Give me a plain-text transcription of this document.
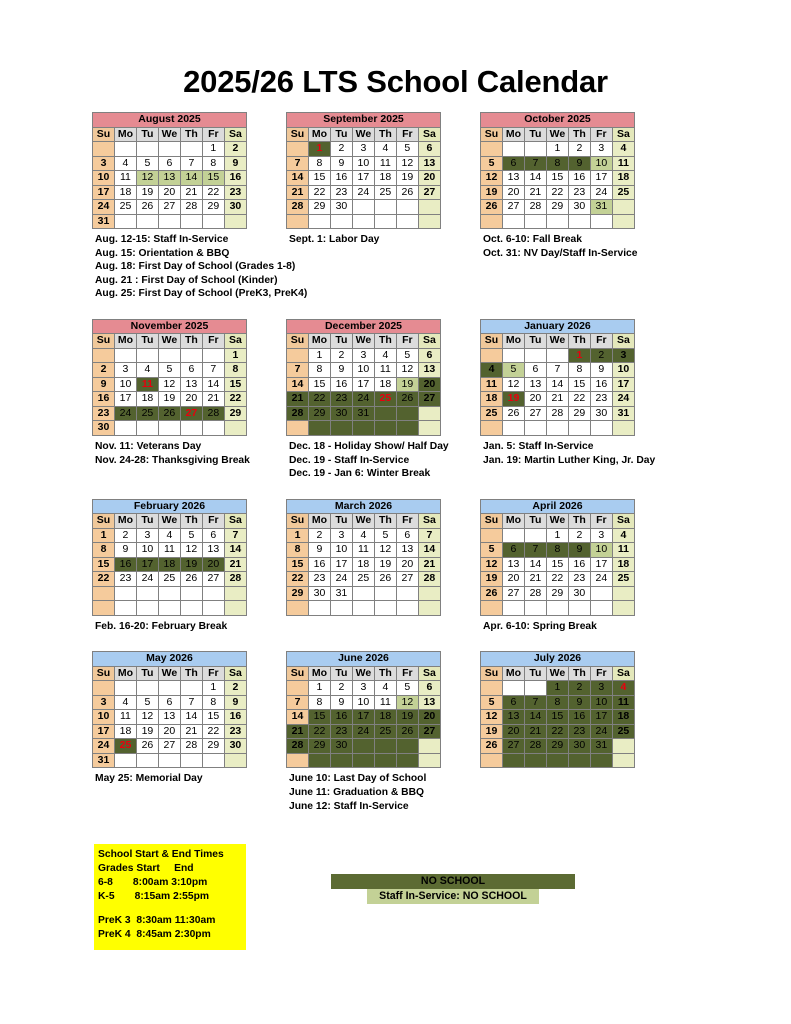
2025/26 LTS School Calendar
August 2025						
Su	Mo	Tu	We	Th	Fr	Sa
					1	2
3	4	5	6	7	8	9
10	11	12	13	14	15	16
17	18	19	20	21	22	23
24	25	26	27	28	29	30
31						
September 2025						
Su	Mo	Tu	We	Th	Fr	Sa
	1	2	3	4	5	6
7	8	9	10	11	12	13
14	15	16	17	18	19	20
21	22	23	24	25	26	27
28	29	30				

October 2025						
Su	Mo	Tu	We	Th	Fr	Sa
			1	2	3	4
5	6	7	8	9	10	11
12	13	14	15	16	17	18
19	20	21	22	23	24	25
26	27	28	29	30	31	

Aug. 12-15: Staff In-Service
Aug. 15: Orientation & BBQ
Aug. 18: First Day of School (Grades 1-8)
Aug. 21 : First Day of School (Kinder)
Aug. 25: First Day of School (PreK3, PreK4)
Sept. 1: Labor Day	Oct. 6-10: Fall Break
Oct. 31: NV Day/Staff In-Service
November 2025						
Su	Mo	Tu	We	Th	Fr	Sa
						1
2	3	4	5	6	7	8
9	10	11	12	13	14	15
16	17	18	19	20	21	22
23	24	25	26	27	28	29
30						
December 2025						
Su	Mo	Tu	We	Th	Fr	Sa
	1	2	3	4	5	6
7	8	9	10	11	12	13
14	15	16	17	18	19	20
21	22	23	24	25	26	27
28	29	30	31			

January 2026						
Su	Mo	Tu	We	Th	Fr	Sa
				1	2	3
4	5	6	7	8	9	10
11	12	13	14	15	16	17
18	19	20	21	22	23	24
25	26	27	28	29	30	31

Nov. 11: Veterans Day
Nov. 24-28: Thanksgiving Break
Dec. 18 - Holiday Show/ Half Day
Dec. 19 - Staff In-Service
Dec. 19 - Jan 6: Winter Break
Jan. 5: Staff In-Service
Jan. 19: Martin Luther King, Jr. Day
February 2026						
Su	Mo	Tu	We	Th	Fr	Sa
1	2	3	4	5	6	7
8	9	10	11	12	13	14
15	16	17	18	19	20	21
22	23	24	25	26	27	28

March 2026						
Su	Mo	Tu	We	Th	Fr	Sa
1	2	3	4	5	6	7
8	9	10	11	12	13	14
15	16	17	18	19	20	21
22	23	24	25	26	27	28
29	30	31				

April 2026						
Su	Mo	Tu	We	Th	Fr	Sa
			1	2	3	4
5	6	7	8	9	10	11
12	13	14	15	16	17	18
19	20	21	22	23	24	25
26	27	28	29	30		

Feb. 16-20: February Break	Apr. 6-10: Spring Break
May 2026						
Su	Mo	Tu	We	Th	Fr	Sa
					1	2
3	4	5	6	7	8	9
10	11	12	13	14	15	16
17	18	19	20	21	22	23
24	25	26	27	28	29	30
31						
June 2026						
Su	Mo	Tu	We	Th	Fr	Sa
	1	2	3	4	5	6
7	8	9	10	11	12	13
14	15	16	17	18	19	20
21	22	23	24	25	26	27
28	29	30				

July 2026						
Su	Mo	Tu	We	Th	Fr	Sa
			1	2	3	4
5	6	7	8	9	10	11
12	13	14	15	16	17	18
19	20	21	22	23	24	25
26	27	28	29	30	31	

May 25: Memorial Day	June 10: Last Day of School
June 11: Graduation & BBQ
June 12: Staff In-Service
School Start & End Times
Grades Start     End
6-8       8:00am 3:10pm
K-5       8:15am 2:55pm
PreK 3  8:30am 11:30am
PreK 4  8:45am 2:30pm
NO SCHOOL
Staff In-Service: NO SCHOOL
